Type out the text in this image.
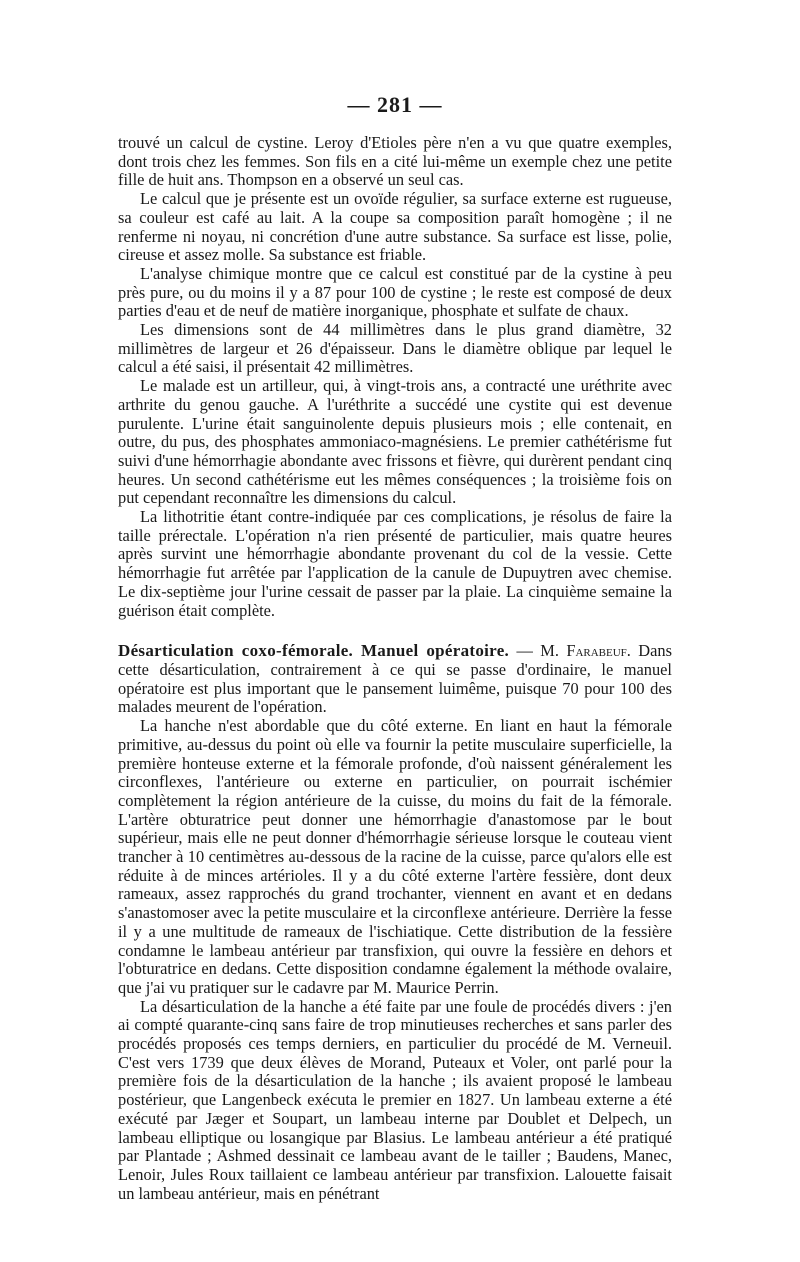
— 281 —

trouvé un calcul de cystine. Leroy d'Etioles père n'en a vu que quatre exemples, dont trois chez les femmes. Son fils en a cité lui-même un exemple chez une petite fille de huit ans. Thompson en a observé un seul cas.

Le calcul que je présente est un ovoïde régulier, sa surface externe est rugueuse, sa couleur est café au lait. A la coupe sa composition paraît homogène ; il ne renferme ni noyau, ni concrétion d'une autre substance. Sa surface est lisse, polie, cireuse et assez molle. Sa substance est friable.

L'analyse chimique montre que ce calcul est constitué par de la cystine à peu près pure, ou du moins il y a 87 pour 100 de cystine ; le reste est composé de deux parties d'eau et de neuf de matière inorganique, phosphate et sulfate de chaux.

Les dimensions sont de 44 millimètres dans le plus grand diamètre, 32 millimètres de largeur et 26 d'épaisseur. Dans le diamètre oblique par lequel le calcul a été saisi, il présentait 42 millimètres.

Le malade est un artilleur, qui, à vingt-trois ans, a contracté une uréthrite avec arthrite du genou gauche. A l'uréthrite a succédé une cystite qui est devenue purulente. L'urine était sanguinolente depuis plusieurs mois ; elle contenait, en outre, du pus, des phosphates ammoniaco-magnésiens. Le premier cathétérisme fut suivi d'une hémorrhagie abondante avec frissons et fièvre, qui durèrent pendant cinq heures. Un second cathétérisme eut les mêmes conséquences ; la troisième fois on put cependant reconnaître les dimensions du calcul.

La lithotritie étant contre-indiquée par ces complications, je résolus de faire la taille prérectale. L'opération n'a rien présenté de particulier, mais quatre heures après survint une hémorrhagie abondante provenant du col de la vessie. Cette hémorrhagie fut arrêtée par l'application de la canule de Dupuytren avec chemise. Le dix-septième jour l'urine cessait de passer par la plaie. La cinquième semaine la guérison était complète.

Désarticulation coxo-fémorale. Manuel opératoire. — M. Farabeuf. Dans cette désarticulation, contrairement à ce qui se passe d'ordinaire, le manuel opératoire est plus important que le pansement luimême, puisque 70 pour 100 des malades meurent de l'opération.

La hanche n'est abordable que du côté externe. En liant en haut la fémorale primitive, au-dessus du point où elle va fournir la petite musculaire superficielle, la première honteuse externe et la fémorale profonde, d'où naissent généralement les circonflexes, l'antérieure ou externe en particulier, on pourrait ischémier complètement la région antérieure de la cuisse, du moins du fait de la fémorale. L'artère obturatrice peut donner une hémorrhagie d'anastomose par le bout supérieur, mais elle ne peut donner d'hémorrhagie sérieuse lorsque le couteau vient trancher à 10 centimètres au-dessous de la racine de la cuisse, parce qu'alors elle est réduite à de minces artérioles. Il y a du côté externe l'artère fessière, dont deux rameaux, assez rapprochés du grand trochanter, viennent en avant et en dedans s'anastomoser avec la petite musculaire et la circonflexe antérieure. Derrière la fesse il y a une multitude de rameaux de l'ischiatique. Cette distribution de la fessière condamne le lambeau antérieur par transfixion, qui ouvre la fessière en dehors et l'obturatrice en dedans. Cette disposition condamne également la méthode ovalaire, que j'ai vu pratiquer sur le cadavre par M. Maurice Perrin.

La désarticulation de la hanche a été faite par une foule de procédés divers : j'en ai compté quarante-cinq sans faire de trop minutieuses recherches et sans parler des procédés proposés ces temps derniers, en particulier du procédé de M. Verneuil. C'est vers 1739 que deux élèves de Morand, Puteaux et Voler, ont parlé pour la première fois de la désarticulation de la hanche ; ils avaient proposé le lambeau postérieur, que Langenbeck exécuta le premier en 1827. Un lambeau externe a été exécuté par Jæger et Soupart, un lambeau interne par Doublet et Delpech, un lambeau elliptique ou losangique par Blasius. Le lambeau antérieur a été pratiqué par Plantade ; Ashmed dessinait ce lambeau avant de le tailler ; Baudens, Manec, Lenoir, Jules Roux taillaient ce lambeau antérieur par transfixion. Lalouette faisait un lambeau antérieur, mais en pénétrant
